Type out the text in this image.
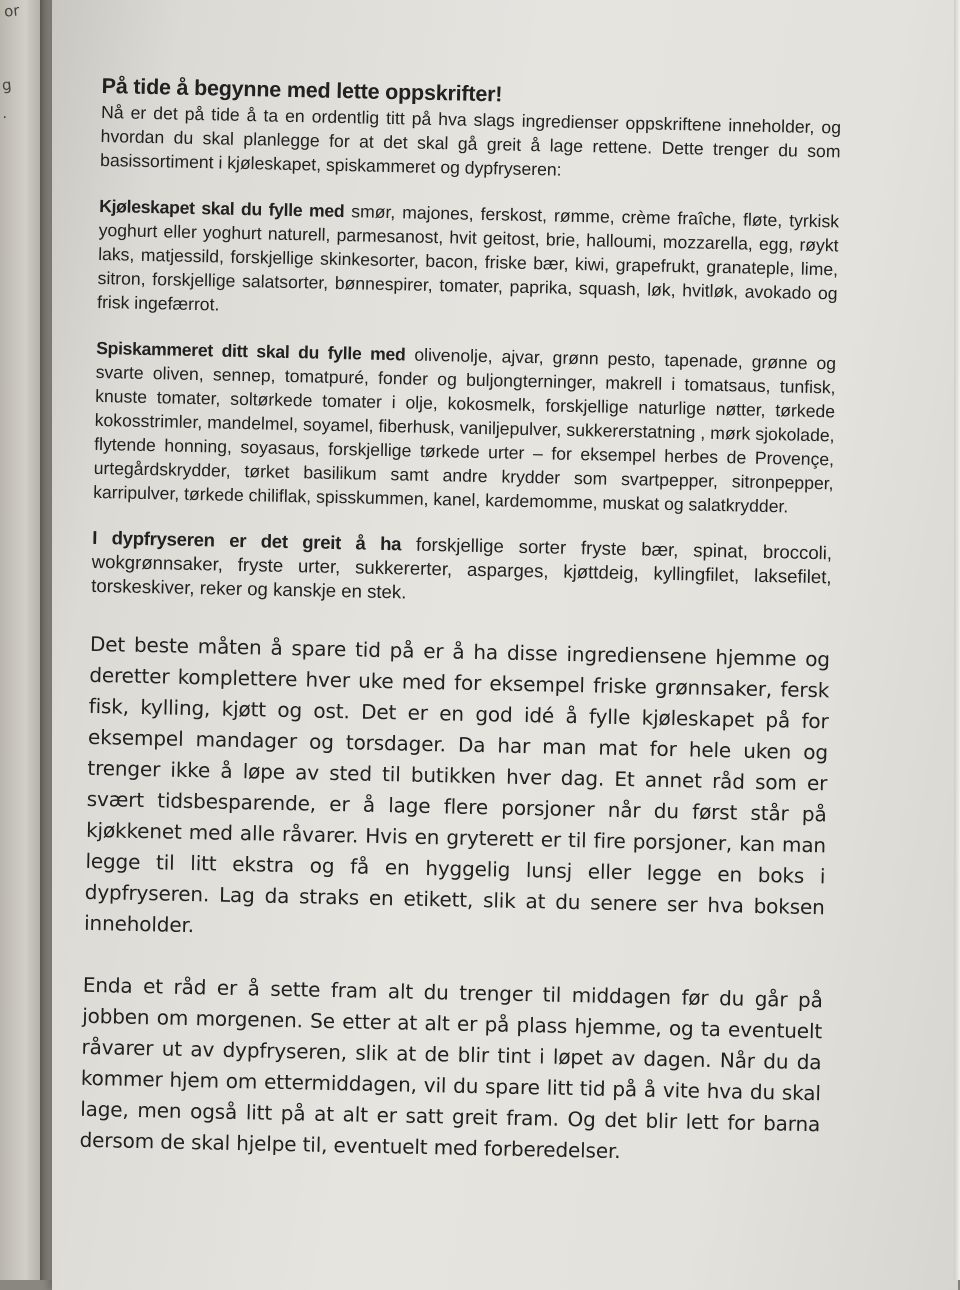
or
g
.
På tide å begynne med lette oppskrifter!

Nå er det på tide å ta en ordentlig titt på hva slags ingredienser oppskriftene inneholder, og hvordan du skal planlegge for at det skal gå greit å lage rettene. Dette trenger du som basissortiment i kjøleskapet, spiskammeret og dypfryseren:

Kjøleskapet skal du fylle med smør, majones, ferskost, rømme, crème fraîche, fløte, tyrkisk yoghurt eller yoghurt naturell, parmesanost, hvit geitost, brie, halloumi, mozzarella, egg, røykt laks, matjessild, forskjellige skinkesorter, bacon, friske bær, kiwi, grapefrukt, granateple, lime, sitron, forskjellige salatsorter, bønnespirer, tomater, paprika, squash, løk, hvitløk, avokado og frisk ingefærrot.

Spiskammeret ditt skal du fylle med olivenolje, ajvar, grønn pesto, tapenade, grønne og svarte oliven, sennep, tomatpuré, fonder og buljongterninger, makrell i tomatsaus, tunfisk, knuste tomater, soltørkede tomater i olje, kokosmelk, forskjellige naturlige nøtter, tørkede kokosstrimler, mandelmel, soyamel, fiberhusk, vaniljepulver, sukkererstatning , mørk sjokolade, flytende honning, soyasaus, forskjellige tørkede urter – for eksempel herbes de Provençe, urtegårdskrydder, tørket basilikum samt andre krydder som svartpepper, sitronpepper, karripulver, tørkede chiliflak, spisskummen, kanel, kardemomme, muskat og salatkrydder.

I dypfryseren er det greit å ha forskjellige sorter fryste bær, spinat, broccoli, wokgrønnsaker, fryste urter, sukkererter, asparges, kjøttdeig, kyllingfilet, laksefilet, torskeskiver, reker og kanskje en stek.

Det beste måten å spare tid på er å ha disse ingrediensene hjemme og deretter komplettere hver uke med for eksempel friske grønnsaker, fersk fisk, kylling, kjøtt og ost. Det er en god idé å fylle kjøleskapet på for eksempel mandager og torsdager. Da har man mat for hele uken og trenger ikke å løpe av sted til butikken hver dag. Et annet råd som er svært tidsbesparende, er å lage flere porsjoner når du først står på kjøkkenet med alle råvarer. Hvis en gryterett er til fire porsjoner, kan man legge til litt ekstra og få en hyggelig lunsj eller legge en boks i dypfryseren. Lag da straks en etikett, slik at du senere ser hva boksen inneholder.

Enda et råd er å sette fram alt du trenger til middagen før du går på jobben om morgenen. Se etter at alt er på plass hjemme, og ta eventuelt råvarer ut av dypfryseren, slik at de blir tint i løpet av dagen. Når du da kommer hjem om ettermiddagen, vil du spare litt tid på å vite hva du skal lage, men også litt på at alt er satt greit fram. Og det blir lett for barna dersom de skal hjelpe til, eventuelt med forberedelser.
